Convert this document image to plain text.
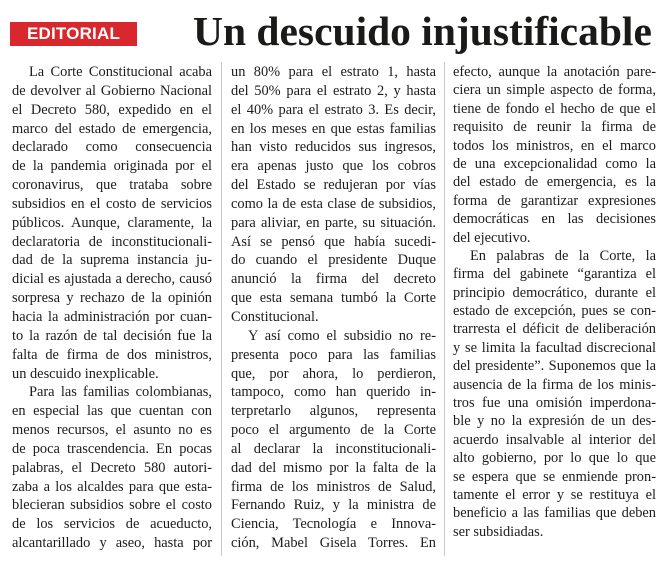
EDITORIAL	Un descuido injustificable
La Corte Constitucional acaba
de devolver al Gobierno Nacional
el Decreto 580, expedido en el
marco del estado de emergencia,
declarado como consecuencia
de la pandemia originada por el
coronavirus, que trataba sobre
subsidios en el costo de servicios
públicos. Aunque, claramente, la
declaratoria de inconstitucionali-
dad de la suprema instancia ju-
dicial es ajustada a derecho, causó
sorpresa y rechazo de la opinión
hacia la administración por cuan-
to la razón de tal decisión fue la
falta de firma de dos ministros,
un descuido inexplicable.
Para las familias colombianas,
en especial las que cuentan con
menos recursos, el asunto no es
de poca trascendencia. En pocas
palabras, el Decreto 580 autori-
zaba a los alcaldes para que esta-
blecieran subsidios sobre el costo
de los servicios de acueducto,
alcantarillado y aseo, hasta por
un 80% para el estrato 1, hasta
del 50% para el estrato 2, y hasta
el 40% para el estrato 3. Es decir,
en los meses en que estas familias
han visto reducidos sus ingresos,
era apenas justo que los cobros
del Estado se redujeran por vías
como la de esta clase de subsidios,
para aliviar, en parte, su situación.
Así se pensó que había sucedi-
do cuando el presidente Duque
anunció la firma del decreto
que esta semana tumbó la Corte
Constitucional.
Y así como el subsidio no re-
presenta poco para las familias
que, por ahora, lo perdieron,
tampoco, como han querido in-
terpretarlo algunos, representa
poco el argumento de la Corte
al declarar la inconstitucionali-
dad del mismo por la falta de la
firma de los ministros de Salud,
Fernando Ruiz, y la ministra de
Ciencia, Tecnología e Innova-
ción, Mabel Gisela Torres. En
efecto, aunque la anotación pare-
ciera un simple aspecto de forma,
tiene de fondo el hecho de que el
requisito de reunir la firma de
todos los ministros, en el marco
de una excepcionalidad como la
del estado de emergencia, es la
forma de garantizar expresiones
democráticas en las decisiones
del ejecutivo.
En palabras de la Corte, la
firma del gabinete “garantiza el
principio democrático, durante el
estado de excepción, pues se con-
trarresta el déficit de deliberación
y se limita la facultad discrecional
del presidente”. Suponemos que la
ausencia de la firma de los minis-
tros fue una omisión imperdona-
ble y no la expresión de un des-
acuerdo insalvable al interior del
alto gobierno, por lo que lo que
se espera que se enmiende pron-
tamente el error y se restituya el
beneficio a las familias que deben
ser subsidiadas.
